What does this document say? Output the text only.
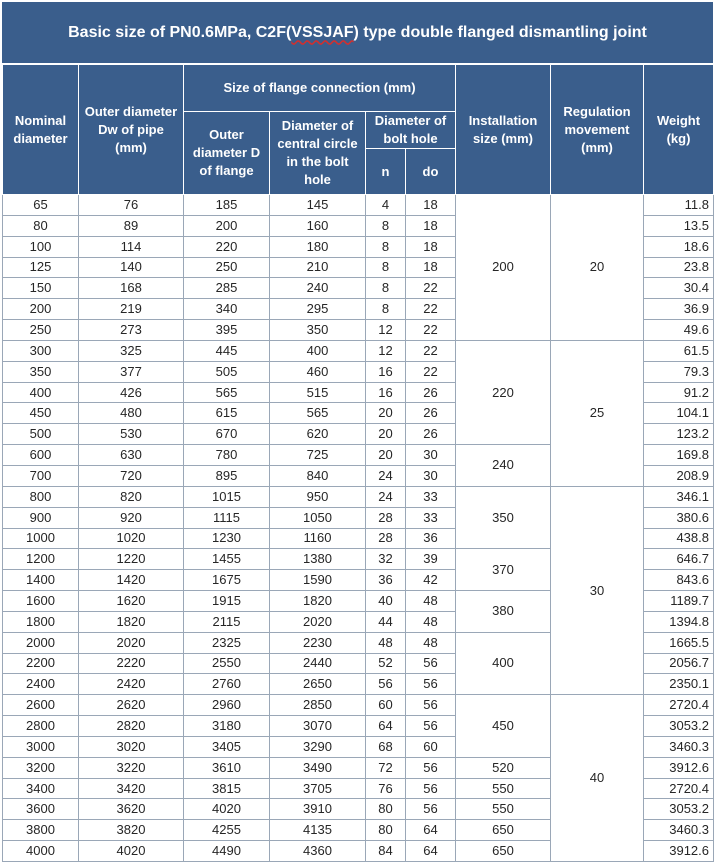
Basic size of PN0.6MPa, C2F( VSSJAF ) type double flanged dismantling joint
Nominal diameter	Outer diameter Dw of pipe (mm)	Size of flange connection (mm)				Installation size (mm)	Regulation movement (mm)	Weight (kg)
		Outer diameter D of flange	Diameter of central circle in the bolt hole	Diameter of bolt hole				
				n	do			
65	76	185	145	4	18	200	20	11.8
80	89	200	160	8	18			13.5
100	114	220	180	8	18			18.6
125	140	250	210	8	18			23.8
150	168	285	240	8	22			30.4
200	219	340	295	8	22			36.9
250	273	395	350	12	22			49.6
300	325	445	400	12	22	220	25	61.5
350	377	505	460	16	22			79.3
400	426	565	515	16	26			91.2
450	480	615	565	20	26			104.1
500	530	670	620	20	26			123.2
600	630	780	725	20	30	240		169.8
700	720	895	840	24	30			208.9
800	820	1015	950	24	33	350	30	346.1
900	920	1115	1050	28	33			380.6
1000	1020	1230	1160	28	36			438.8
1200	1220	1455	1380	32	39	370		646.7
1400	1420	1675	1590	36	42			843.6
1600	1620	1915	1820	40	48	380		1189.7
1800	1820	2115	2020	44	48			1394.8
2000	2020	2325	2230	48	48	400		1665.5
2200	2220	2550	2440	52	56			2056.7
2400	2420	2760	2650	56	56			2350.1
2600	2620	2960	2850	60	56	450	40	2720.4
2800	2820	3180	3070	64	56			3053.2
3000	3020	3405	3290	68	60			3460.3
3200	3220	3610	3490	72	56	520		3912.6
3400	3420	3815	3705	76	56	550		2720.4
3600	3620	4020	3910	80	56	550		3053.2
3800	3820	4255	4135	80	64	650		3460.3
4000	4020	4490	4360	84	64	650		3912.6
